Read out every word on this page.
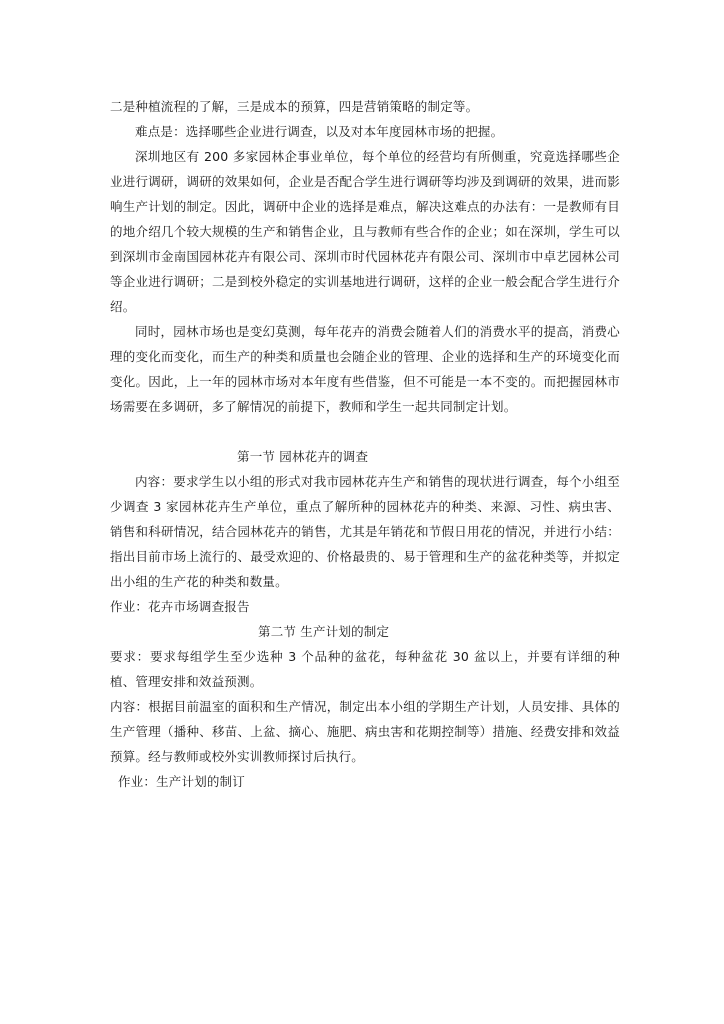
二是种植流程的了解，三是成本的预算，四是营销策略的制定等。

难点是：选择哪些企业进行调查，以及对本年度园林市场的把握。

深圳地区有 200 多家园林企事业单位，每个单位的经营均有所侧重，究竟选择哪些企业进行调研，调研的效果如何，企业是否配合学生进行调研等均涉及到调研的效果，进而影响生产计划的制定。因此，调研中企业的选择是难点，解决这难点的办法有：一是教师有目的地介绍几个较大规模的生产和销售企业，且与教师有些合作的企业；如在深圳，学生可以到深圳市金南国园林花卉有限公司、深圳市时代园林花卉有限公司、深圳市中卓艺园林公司等企业进行调研；二是到校外稳定的实训基地进行调研，这样的企业一般会配合学生进行介绍。

同时，园林市场也是变幻莫测，每年花卉的消费会随着人们的消费水平的提高，消费心理的变化而变化，而生产的种类和质量也会随企业的管理、企业的选择和生产的环境变化而变化。因此，上一年的园林市场对本年度有些借鉴，但不可能是一本不变的。而把握园林市场需要在多调研，多了解情况的前提下，教师和学生一起共同制定计划。

第一节 园林花卉的调查

内容：要求学生以小组的形式对我市园林花卉生产和销售的现状进行调查，每个小组至少调查 3 家园林花卉生产单位，重点了解所种的园林花卉的种类、来源、习性、病虫害、销售和科研情况，结合园林花卉的销售，尤其是年销花和节假日用花的情况，并进行小结：指出目前市场上流行的、最受欢迎的、价格最贵的、易于管理和生产的盆花种类等，并拟定出小组的生产花的种类和数量。

作业：花卉市场调查报告

第二节 生产计划的制定

要求：要求每组学生至少选种 3 个品种的盆花，每种盆花 30 盆以上，并要有详细的种植、管理安排和效益预测。

内容：根据目前温室的面积和生产情况，制定出本小组的学期生产计划，人员安排、具体的生产管理（播种、移苗、上盆、摘心、施肥、病虫害和花期控制等）措施、经费安排和效益预算。经与教师或校外实训教师探讨后执行。

作业：生产计划的制订
